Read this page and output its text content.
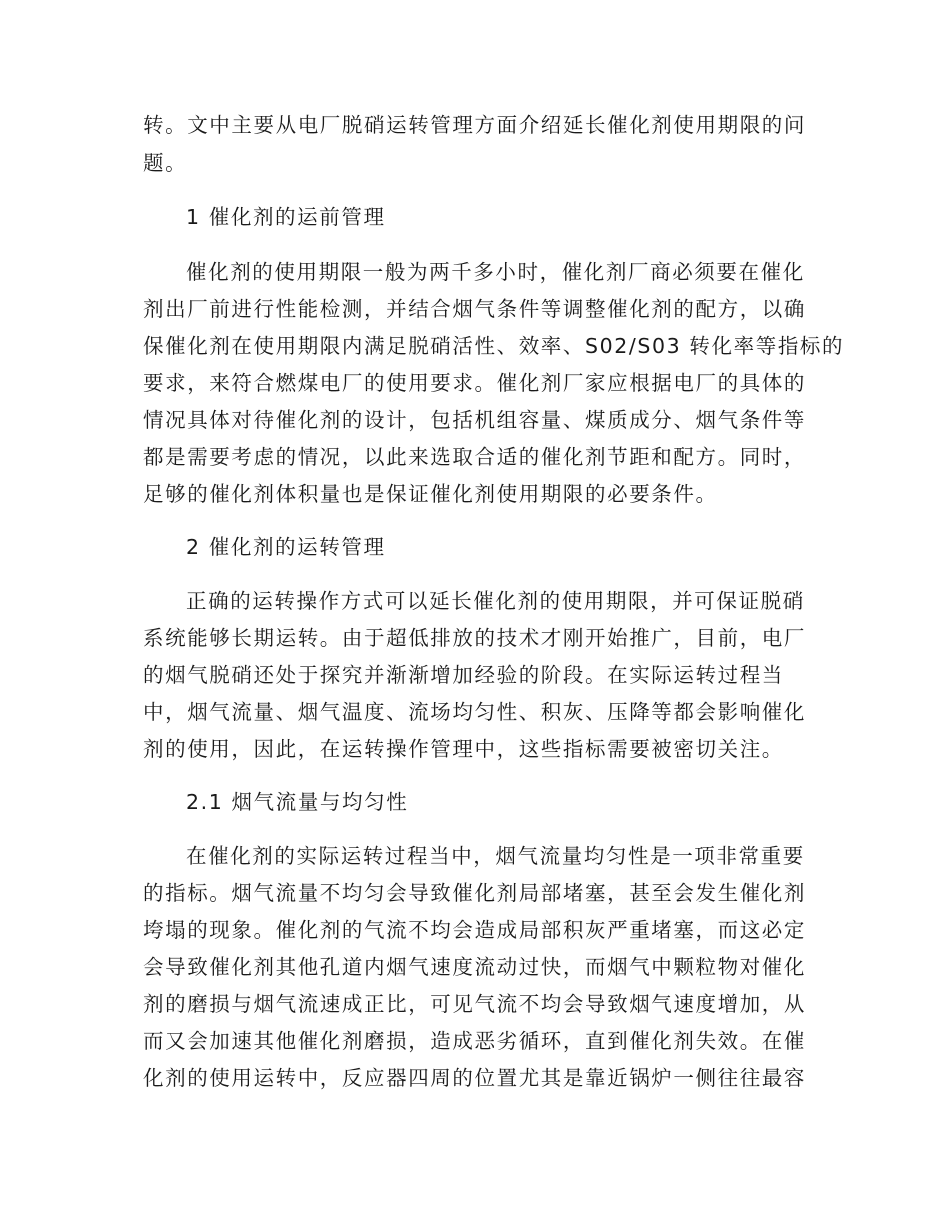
转。文中主要从电厂脱硝运转管理方面介绍延长催化剂使用期限的问
题。
1 催化剂的运前管理
催化剂的使用期限一般为两千多小时，催化剂厂商必须要在催化
剂出厂前进行性能检测，并结合烟气条件等调整催化剂的配方，以确
保催化剂在使用期限内满足脱硝活性、效率、S02/S03 转化率等指标的
要求，来符合燃煤电厂的使用要求。催化剂厂家应根据电厂的具体的
情况具体对待催化剂的设计，包括机组容量、煤质成分、烟气条件等
都是需要考虑的情况，以此来选取合适的催化剂节距和配方。同时，
足够的催化剂体积量也是保证催化剂使用期限的必要条件。
2 催化剂的运转管理
正确的运转操作方式可以延长催化剂的使用期限，并可保证脱硝
系统能够长期运转。由于超低排放的技术才刚开始推广，目前，电厂
的烟气脱硝还处于探究并渐渐增加经验的阶段。在实际运转过程当
中，烟气流量、烟气温度、流场均匀性、积灰、压降等都会影响催化
剂的使用，因此，在运转操作管理中，这些指标需要被密切关注。
2.1 烟气流量与均匀性
在催化剂的实际运转过程当中，烟气流量均匀性是一项非常重要
的指标。烟气流量不均匀会导致催化剂局部堵塞，甚至会发生催化剂
垮塌的现象。催化剂的气流不均会造成局部积灰严重堵塞，而这必定
会导致催化剂其他孔道内烟气速度流动过快，而烟气中颗粒物对催化
剂的磨损与烟气流速成正比，可见气流不均会导致烟气速度增加，从
而又会加速其他催化剂磨损，造成恶劣循环，直到催化剂失效。在催
化剂的使用运转中，反应器四周的位置尤其是靠近锅炉一侧往往最容
